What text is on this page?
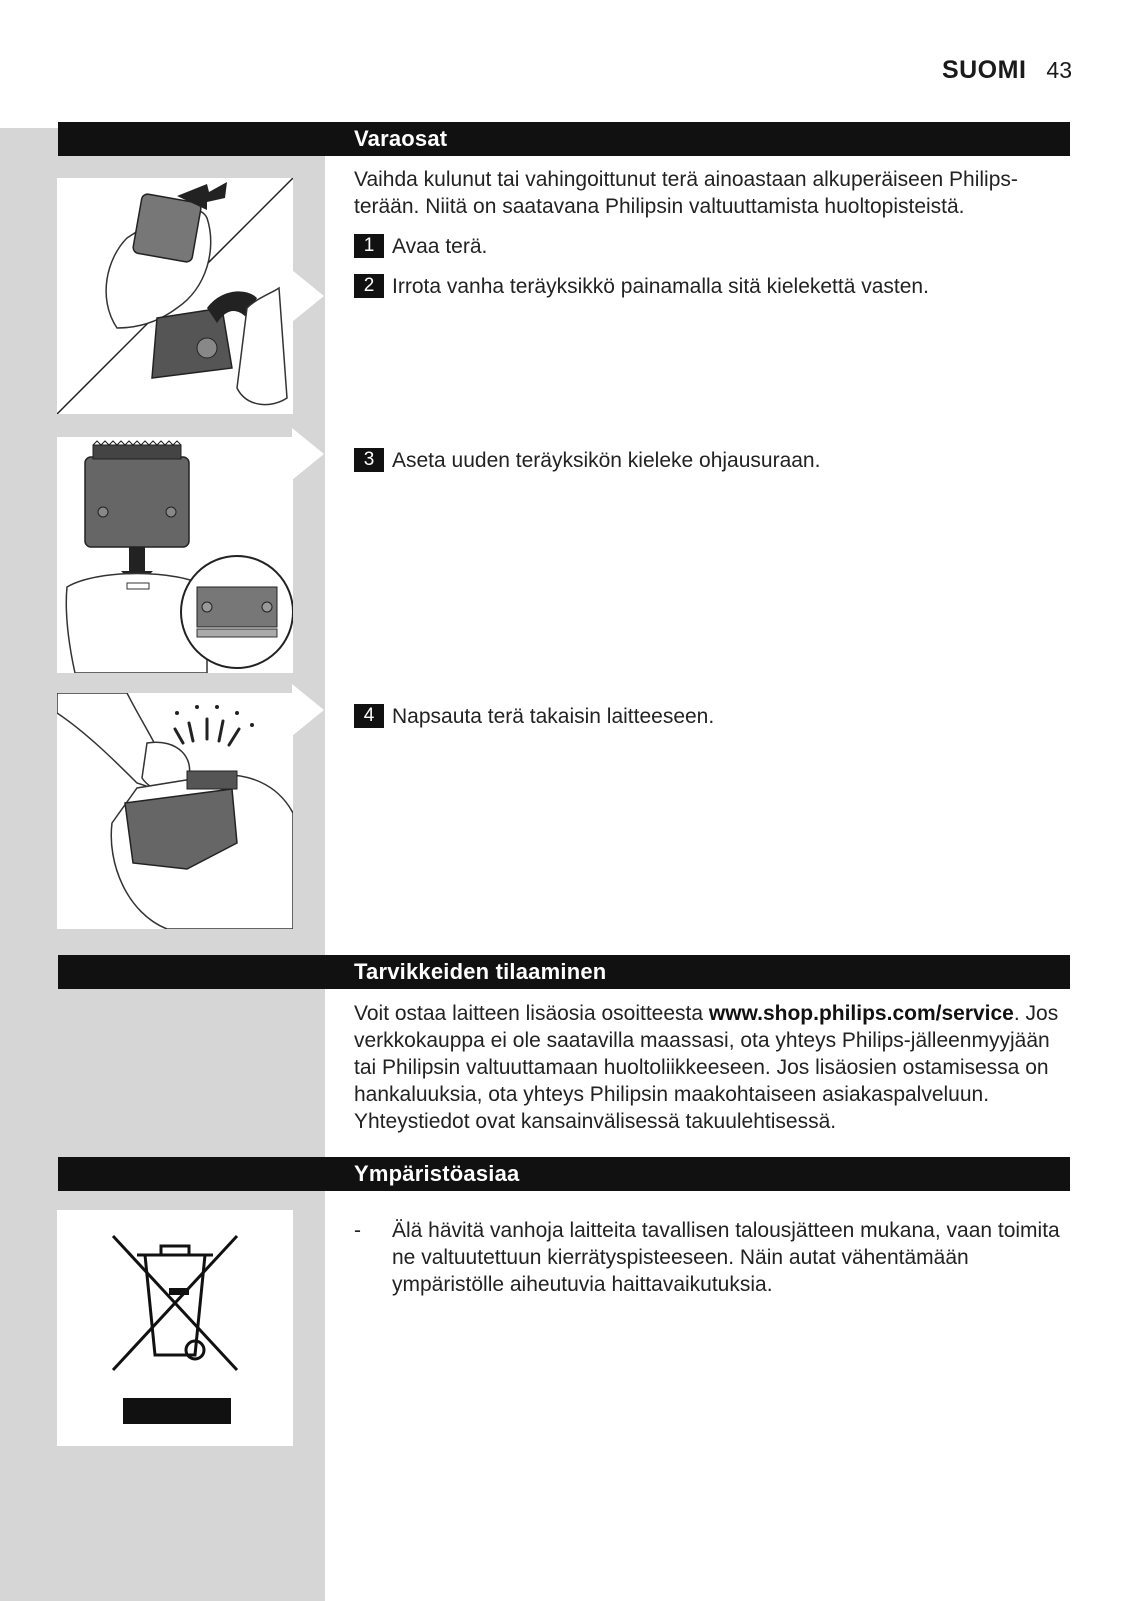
SUOMI 43
Varaosat
Vaihda kulunut tai vahingoittunut terä ainoastaan alkuperäiseen Philips-terään. Niitä on saatavana Philipsin valtuuttamista huoltopisteistä.
1 Avaa terä.
2 Irrota vanha teräyksikkö painamalla sitä kielekettä vasten.
3 Aseta uuden teräyksikön kieleke ohjausuraan.
4 Napsauta terä takaisin laitteeseen.
Tarvikkeiden tilaaminen
Voit ostaa laitteen lisäosia osoitteesta www.shop.philips.com/service. Jos verkkokauppa ei ole saatavilla maassasi, ota yhteys Philips-jälleenmyyjään tai Philipsin valtuuttamaan huoltoliikkeeseen. Jos lisäosien ostamisessa on hankaluuksia, ota yhteys Philipsin maakohtaiseen asiakaspalveluun. Yhteystiedot ovat kansainvälisessä takuulehtisessä.
Ympäristöasiaa
-	Älä hävitä vanhoja laitteita tavallisen talousjätteen mukana, vaan toimita ne valtuutettuun kierrätyspisteeseen. Näin autat vähentämään ympäristölle aiheutuvia haittavaikutuksia.
